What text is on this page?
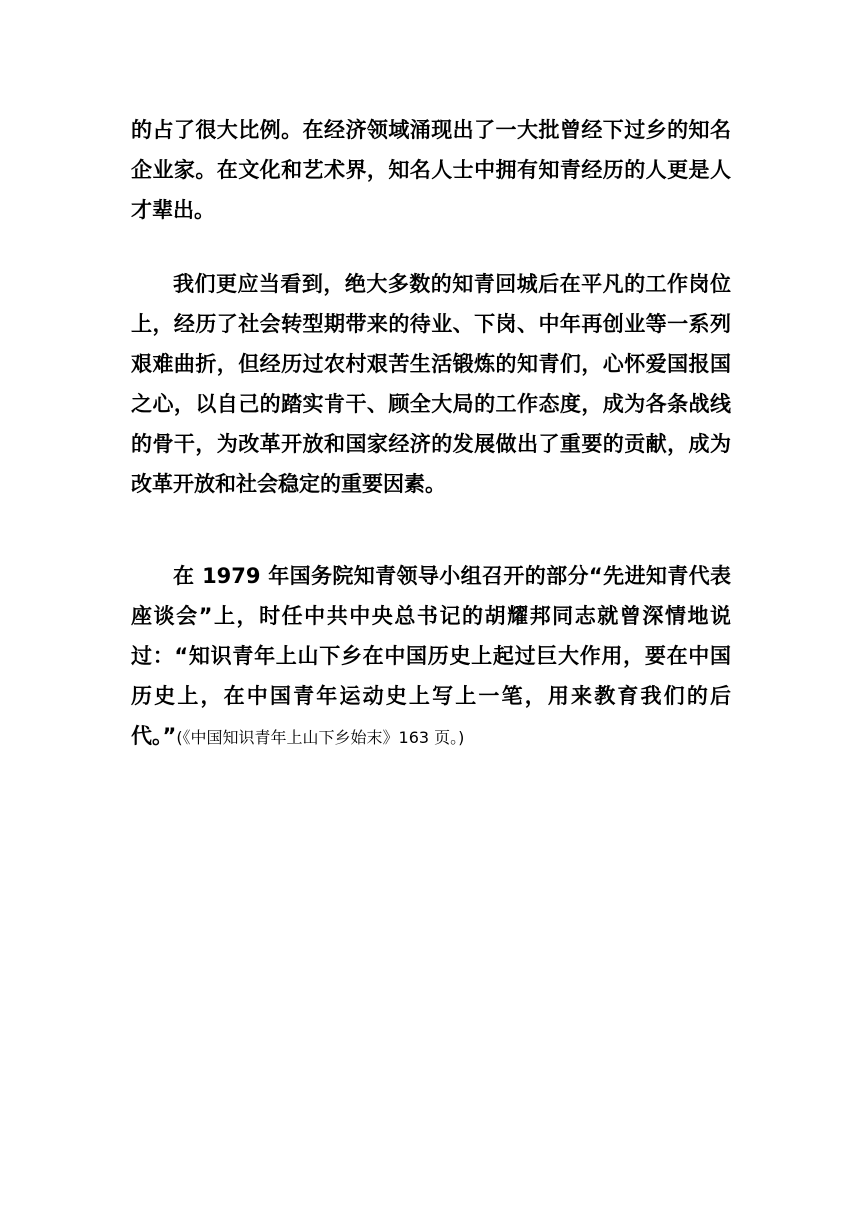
的占了很大比例。在经济领域涌现出了一大批曾经下过乡的知名企业家。在文化和艺术界，知名人士中拥有知青经历的人更是人才辈出。

我们更应当看到，绝大多数的知青回城后在平凡的工作岗位上，经历了社会转型期带来的待业、下岗、中年再创业等一系列艰难曲折，但经历过农村艰苦生活锻炼的知青们，心怀爱国报国之心，以自己的踏实肯干、顾全大局的工作态度，成为各条战线的骨干，为改革开放和国家经济的发展做出了重要的贡献，成为改革开放和社会稳定的重要因素。

在 1979 年国务院知青领导小组召开的部分“先进知青代表座谈会”上，时任中共中央总书记的胡耀邦同志就曾深情地说过：“知识青年上山下乡在中国历史上起过巨大作用，要在中国历史上，在中国青年运动史上写上一笔，用来教育我们的后代。”(《中国知识青年上山下乡始末》163 页。)
